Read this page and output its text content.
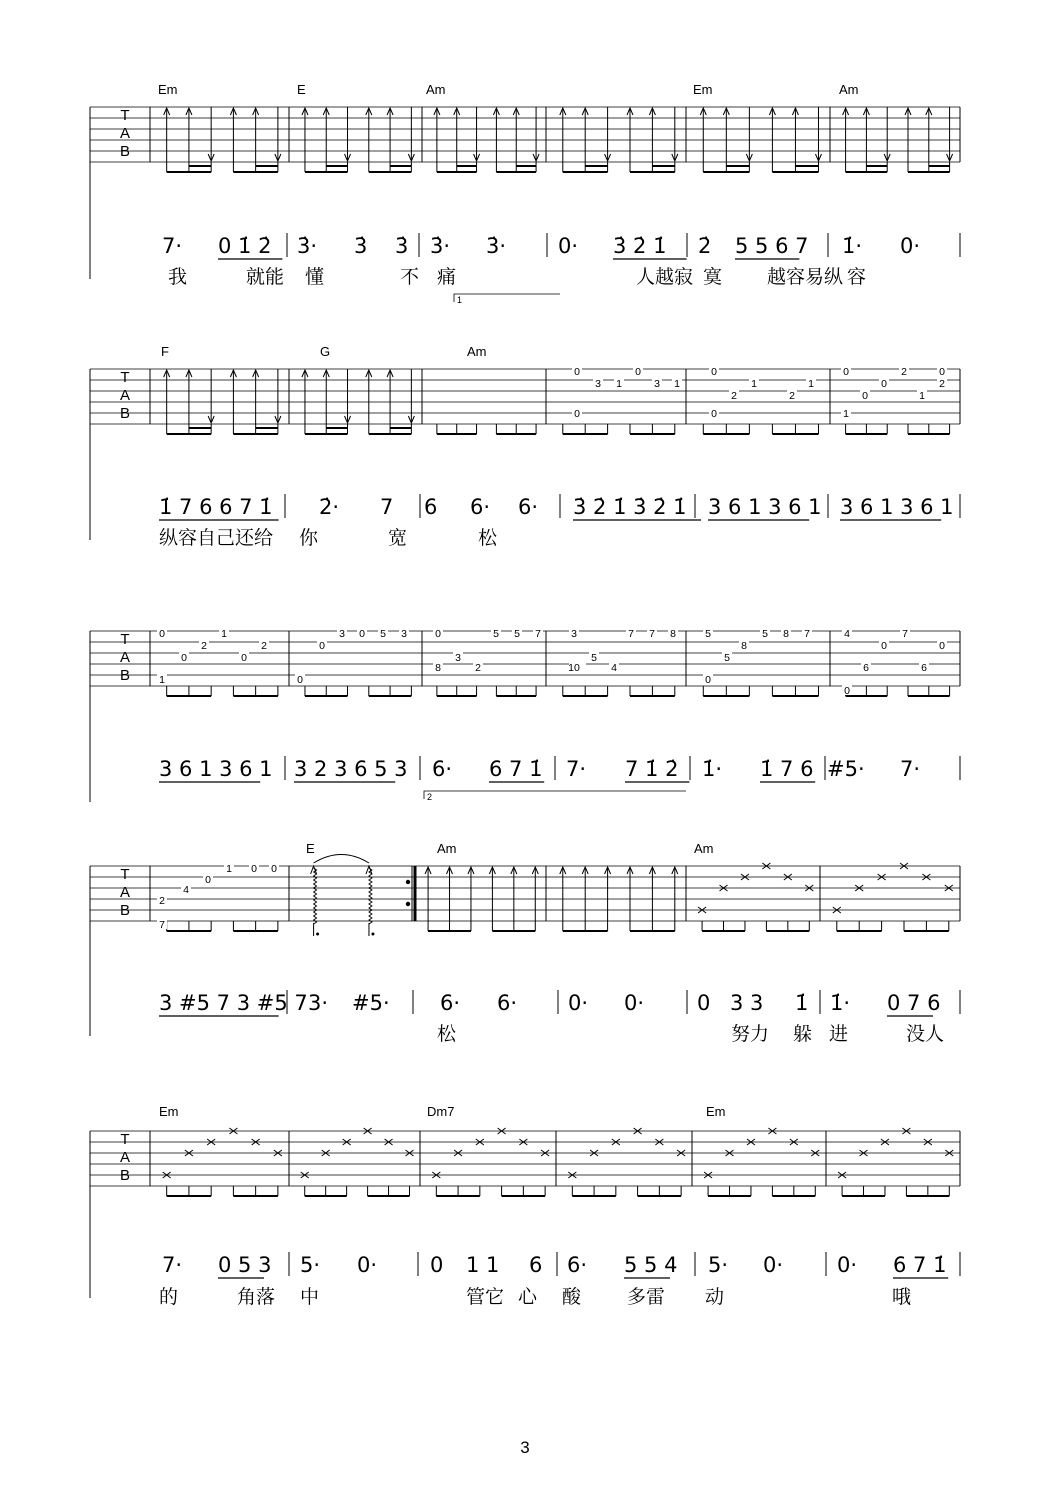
T
A
B
Em	E	Am	Em	Am
1
7· 0 1̇ 2̇ 3̇· 3̇ 3̇ 3̇· 3̇· 0· 3̇ 2̇ 1̇ 2̇ 5 5 6 7 1̇· 0·
我	就能 懂	不 痛	人越寂 寞 越容易纵 容
T
A
B
F	G	Am
0
3 1
0
3 1
0
0
2
1
2
1
0
0
0
0
2
1
2
1
0
1̇ 7 6 6 7 1̇ 2̇· 7 6 6· 6· 3̇ 2̇ 1̇ 3̇ 2̇ 1̇ 3 6 1 3 6 1 3 6 1 3 6 1
纵容自己还给 你	宽	松
T
A
B
0
0
2
1
0
2
1
0
3 0 5 3
0
0	5 5 7
8
3
2
3	7 7 8
10
5
4
5
8
5 8 7
5
0
4
0
7
6
0
6
0
2
3 6 1 3 6 1 3 2 3 6 5 3 6· 6 7 1̇ 7· 7 1̇ 2̇ 1̇· 1̇ 7 6 #5· 7·
T
A
B
E	Am	Am
2
0
1 0 0
4
7
3 #5 7 3 #5 7 3· #5· 6· 6· 0· 0·	0 3 3 1̇ 1̇· 0 7 6
松	努力 躲 进	没人
T
A
B
Em	Dm7	Em
7· 0 5 3 5· 0·	0 1 1 6 6· 5 5 4 5· 0·	0· 6 7 1̇
的	角落 中	管它 心 酸 多雷 动	哦
3
